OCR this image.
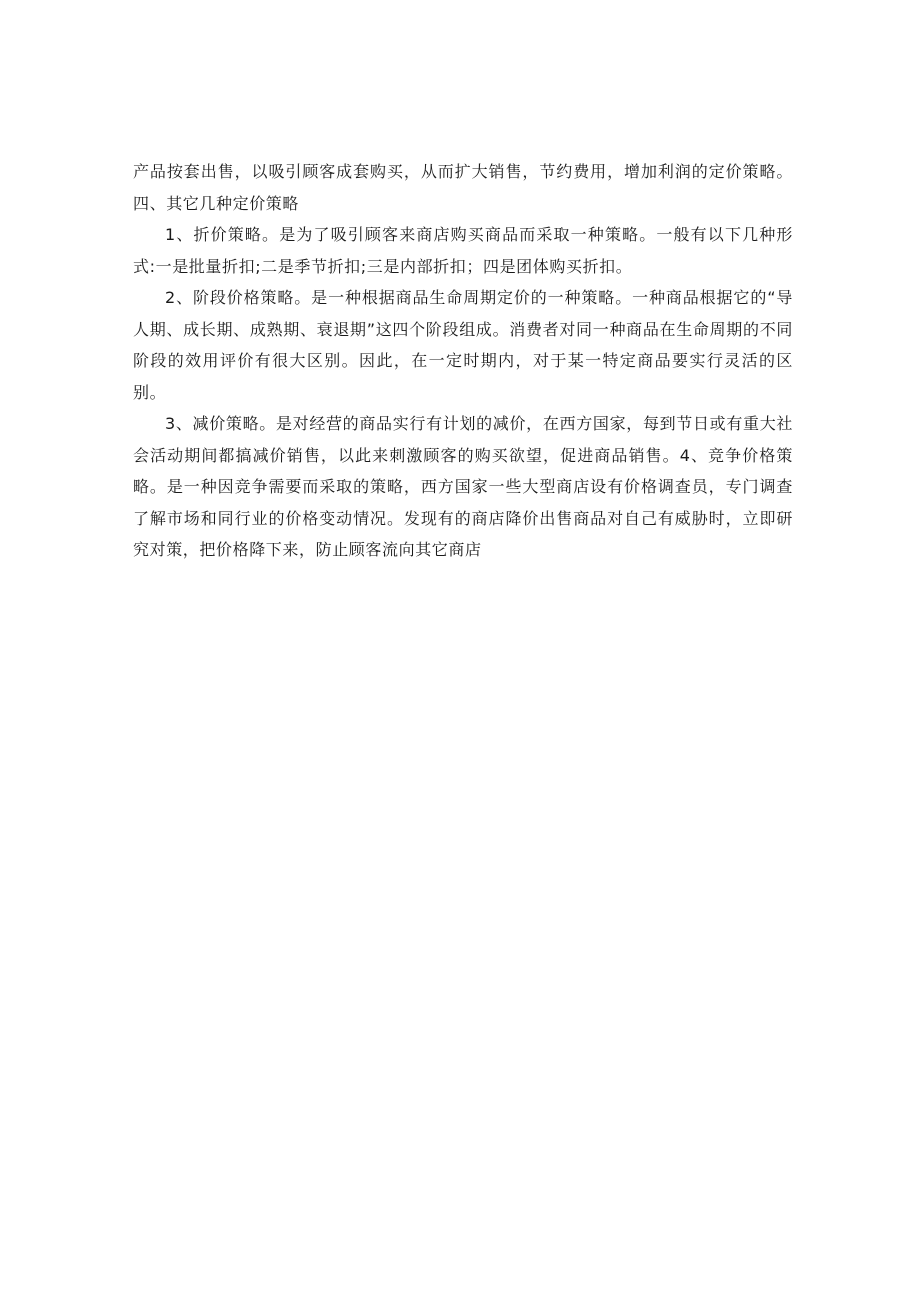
产品按套出售，以吸引顾客成套购买，从而扩大销售，节约费用，增加利润的定价策略。四、其它几种定价策略

1、折价策略。是为了吸引顾客来商店购买商品而采取一种策略。一般有以下几种形式:一是批量折扣;二是季节折扣;三是内部折扣；四是团体购买折扣。

2、阶段价格策略。是一种根据商品生命周期定价的一种策略。一种商品根据它的“导人期、成长期、成熟期、衰退期”这四个阶段组成。消费者对同一种商品在生命周期的不同阶段的效用评价有很大区别。因此，在一定时期内，对于某一特定商品要实行灵活的区别。

3、减价策略。是对经营的商品实行有计划的减价，在西方国家，每到节日或有重大社会活动期间都搞减价销售，以此来刺激顾客的购买欲望，促进商品销售。4、竞争价格策略。是一种因竞争需要而采取的策略，西方国家一些大型商店设有价格调查员，专门调查了解市场和同行业的价格变动情况。发现有的商店降价出售商品对自己有威胁时，立即研究对策，把价格降下来，防止顾客流向其它商店
